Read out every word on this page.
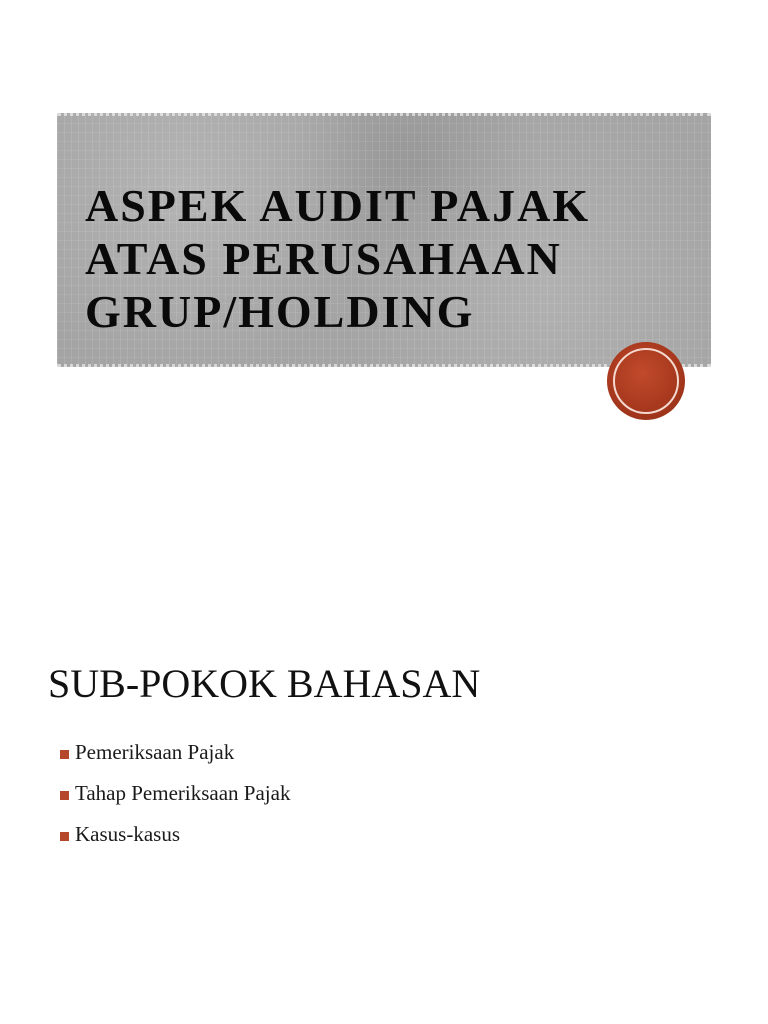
ASPEK AUDIT PAJAK
ATAS PERUSAHAAN
GRUP/HOLDING
SUB-POKOK BAHASAN
Pemeriksaan Pajak
Tahap Pemeriksaan Pajak
Kasus-kasus
